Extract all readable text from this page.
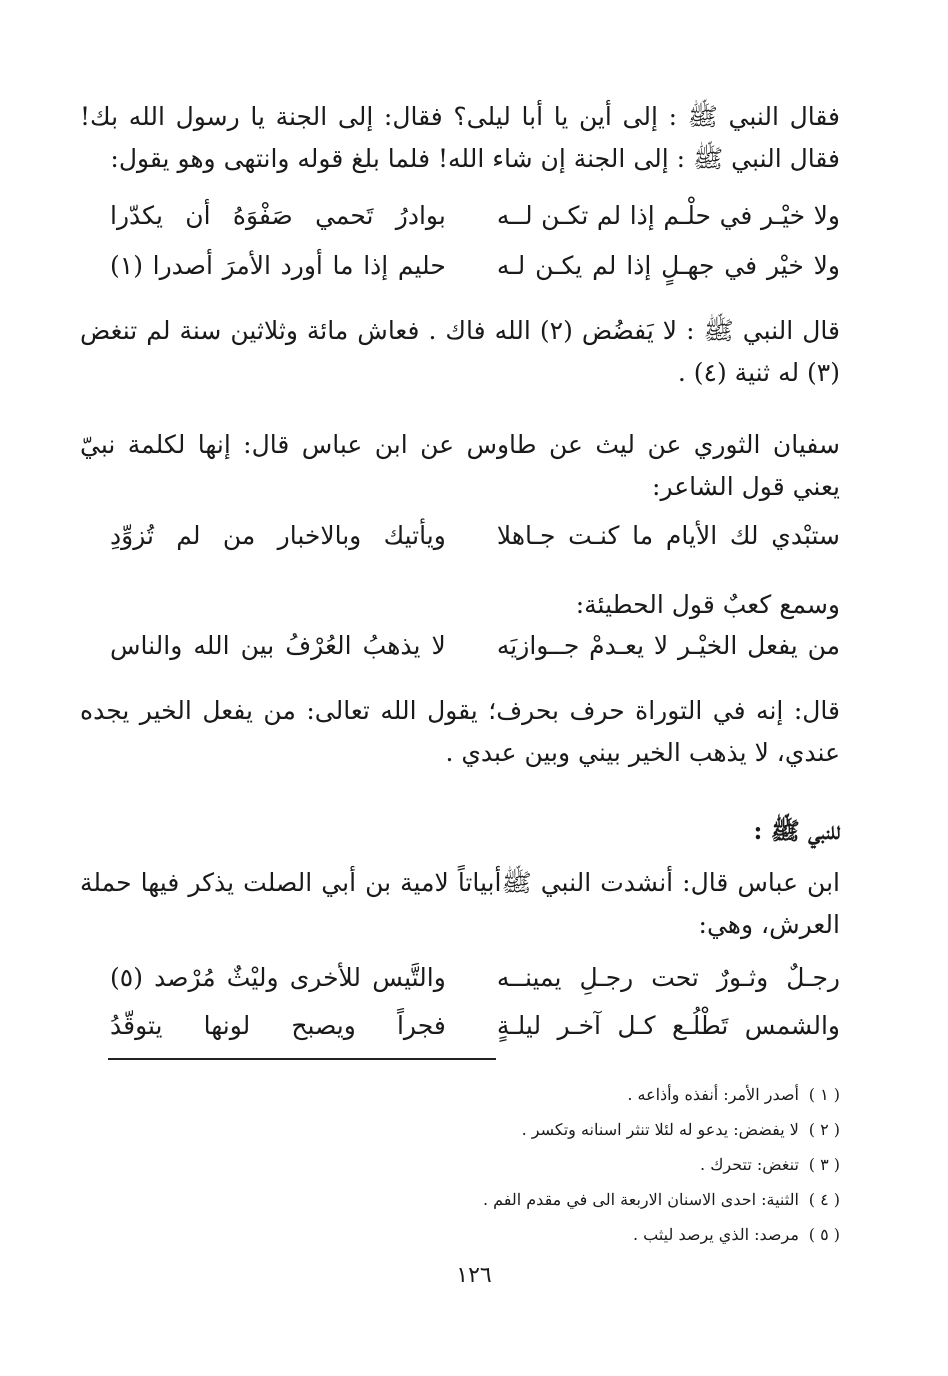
فقال النبي ﷺ : إلى أين يا أبا ليلى؟ فقال: إلى الجنة يا رسول الله بك! فقال النبي ﷺ : إلى الجنة إن شاء الله! فلما بلغ قوله وانتهى وهو يقول:

ولا خيْـر في حلْـم إذا لم تكـن لــه
بوادرُ تَحمي صَفْوَهُ أن يكدّرا
ولا خيْر في جهـلٍ إذا لم يكـن لـه
حليم إذا ما أورد الأمرَ أصدرا (١)

قال النبي ﷺ : لا يَفضُض (٢) الله فاك . فعاش مائة وثلاثين سنة لم تنغض (٣) له ثنية (٤) .

سفيان الثوري عن ليث عن طاوس عن ابن عباس قال: إنها لكلمة نبيّ يعني قول الشاعر:

ستبْدي لك الأيام ما كنـت جـاهلا
ويأتيك وبالاخبار من لم تُزوِّدِ

وسمع كعبٌ قول الحطيئة:

من يفعل الخيْـر لا يعـدمْ جــوازيَه
لا يذهبُ العُرْفُ بين الله والناس

قال: إنه في التوراة حرف بحرف؛ يقول الله تعالى: من يفعل الخير يجده عندي، لا يذهب الخير بيني وبين عبدي .

للنبي ﷺ :

ابن عباس قال: أنشدت النبي ﷺأبياتاً لامية بن أبي الصلت يذكر فيها حملة العرش، وهي:

رجـلٌ وثـورٌ تحت رجـلِ يمينــه
والتَّيس للأخرى وليْثٌ مُرْصد (٥)
والشمس تَطْلُـع كـل آخـر ليلـةٍ
فجراً ويصبح لونها يتوقّدُ
( ١ ) أصدر الأمر: أنفذه وأذاعه .
( ٢ ) لا يفضض: يدعو له لئلا تنثر اسنانه وتكسر .
( ٣ ) تنغض: تتحرك .
( ٤ ) الثنية: احدى الاسنان الاربعة الى في مقدم الفم .
( ٥ ) مرصد: الذي يرصد ليثب .
١٢٦
